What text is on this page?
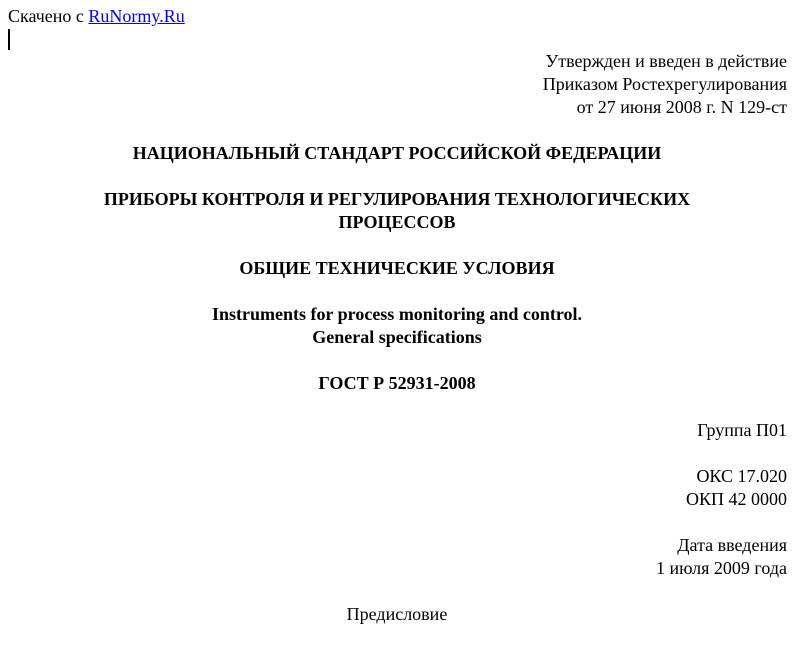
Скачено с RuNormy.Ru
Утвержден и введен в действие
Приказом Ростехрегулирования
от 27 июня 2008 г. N 129-ст
НАЦИОНАЛЬНЫЙ СТАНДАРТ РОССИЙСКОЙ ФЕДЕРАЦИИ
ПРИБОРЫ КОНТРОЛЯ И РЕГУЛИРОВАНИЯ ТЕХНОЛОГИЧЕСКИХ
ПРОЦЕССОВ
ОБЩИЕ ТЕХНИЧЕСКИЕ УСЛОВИЯ
Instruments for process monitoring and control.
General specifications
ГОСТ Р 52931-2008
Группа П01
ОКС 17.020
ОКП 42 0000
Дата введения
1 июля 2009 года
Предисловие
